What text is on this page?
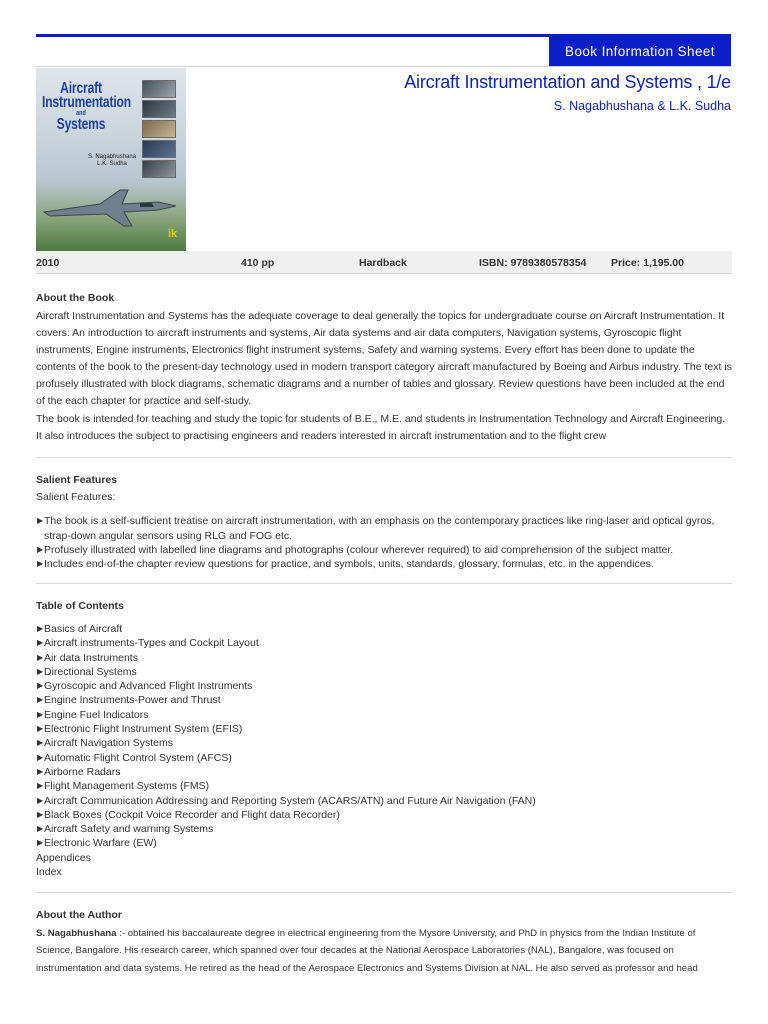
Book Information Sheet
Aircraft
Instrumentation
and
Systems
S. Nagabhushana
L.K. Sudha
ik
Aircraft Instrumentation and Systems , 1/e
S. Nagabhushana & L.K. Sudha
2010	410 pp	Hardback	ISBN: 9789380578354 Price: 1,195.00
About the Book

Aircraft Instrumentation and Systems has the adequate coverage to deal generally the topics for undergraduate course on Aircraft Instrumentation. It covers: An introduction to aircraft instruments and systems, Air data systems and air data computers, Navigation systems, Gyroscopic flight instruments, Engine instruments, Electronics flight instrument systems, Safety and warning systems. Every effort has been done to update the contents of the book to the present-day technology used in modern transport category aircraft manufactured by Boeing and Airbus industry. The text is profusely illustrated with block diagrams, schematic diagrams and a number of tables and glossary. Review questions have been included at the end of the each chapter for practice and self-study.

The book is intended for teaching and study the topic for students of B.E., M.E. and students in Instrumentation Technology and Aircraft Engineering. It also introduces the subject to practising engineers and readers interested in aircraft instrumentation and to the flight crew

Salient Features
Salient Features:
▶ The book is a self-sufficient treatise on aircraft instrumentation, with an emphasis on the contemporary practices like ring-laser and optical gyros, strap-down angular sensors using RLG and FOG etc.
▶ Profusely illustrated with labelled line diagrams and photographs (colour wherever required) to aid comprehension of the subject matter.
▶ Includes end-of-the chapter review questions for practice, and symbols, units, standards, glossary, formulas, etc. in the appendices.
Table of Contents
▶ Basics of Aircraft
▶ Aircraft instruments-Types and Cockpit Layout
▶ Air data Instruments
▶ Directional Systems
▶ Gyroscopic and Advanced Flight Instruments
▶ Engine Instruments-Power and Thrust
▶ Engine Fuel Indicators
▶ Electronic Flight Instrument System (EFIS)
▶ Aircraft Navigation Systems
▶ Automatic Flight Control System (AFCS)
▶ Airborne Radars
▶ Flight Management Systems (FMS)
▶ Aircraft Communication Addressing and Reporting System (ACARS/ATN) and Future Air Navigation (FAN)
▶ Black Boxes (Cockpit Voice Recorder and Flight data Recorder)
▶ Aircraft Safety and warning Systems
▶ Electronic Warfare (EW)
Appendices
Index
About the Author

S. Nagabhushana :- obtained his baccalaureate degree in electrical engineering from the Mysore University, and PhD in physics from the Indian Institute of Science, Bangalore. His research career, which spanned over four decades at the National Aerospace Laboratories (NAL), Bangalore, was focused on instrumentation and data systems. He retired as the head of the Aerospace Electronics and Systems Division at NAL. He also served as professor and head
